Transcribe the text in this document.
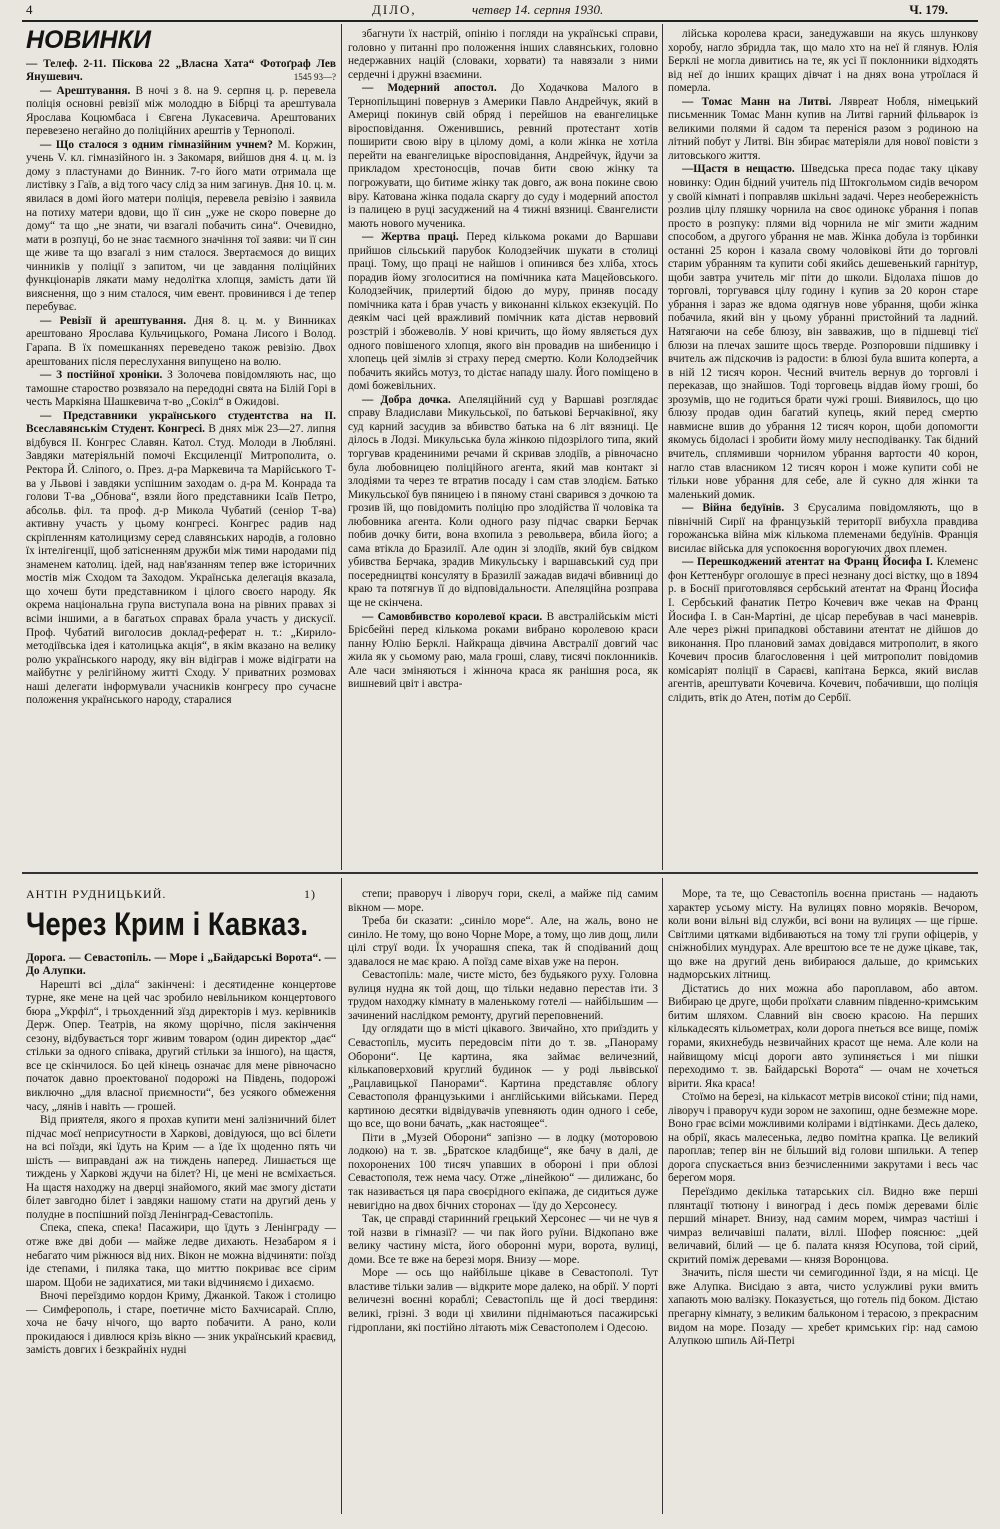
4	ДІЛО,	четвер 14. серпня 1930.	Ч. 179.
НОВИНКИ

— Телеф. 2-11. Піскова 22 „Власна Хата“ Фотоґраф Лев Янушевич.	1545 93—?

— Арештування. В ночі з 8. на 9. серпня ц. р. перевела поліція основні ревізії між молоддю в Бібрці та арештувала Ярослава Коцюмбаса і Євгена Лукасевича. Арештованих перевезено негайно до поліційних арештів у Тернополі.

— Що сталося з одним гімназійним учнем? М. Коржин, учень V. кл. гімназійного ін. з Закомаря, вийшов дня 4. ц. м. із дому з пластунами до Винник. 7-го його мати отримала ще листівку з Гаїв, а від того часу слід за ним загинув. Дня 10. ц. м. явилася в домі його матери поліція, перевела ревізію і заявила на потиху матери вдови, що її син „уже не скоро поверне до дому“ та що „не знати, чи взагалі побачить сина“. Очевидно, мати в розпуці, бо не знає таємного значіння тої заяви: чи її син ще живе та що взагалі з ним сталося. Звертаємося до вищих чинників у поліції з запитом, чи це завдання поліційних функціонарів лякати маму недолітка хлопця, замість дати їй вияснення, що з ним сталося, чим евент. провинився і де тепер перебуває.

— Ревізії й арештування. Дня 8. ц. м. у Винниках арештовано Ярослава Кульчицького, Романа Лисого і Волод. Гарапа. В їх помешканнях переведено також ревізію. Двох арештованих після переслухання випущено на волю.

— З постійної хроніки. З Золочева повідомляють нас, що тамошне староство розвязало на передодні свята на Білій Горі в честь Маркіяна Шашкевича т-во „Сокіл“ в Ожидові.

— Представники українського студентства на II. Всеславянськім Студент. Конгресі. В днях між 23—27. липня відбувся II. Конгрес Славян. Катол. Студ. Молоди в Любляні. Завдяки матеріяльній помочі Ексциленції Митрополита, о. Ректора Й. Сліпого, о. През. д-ра Маркевича та Марійського Т-ва у Львові і завдяки успішним заходам о. д-ра М. Конрада та голови Т-ва „Обнова“, взяли його представники Ісаїв Петро, абсольв. філ. та проф. д-р Микола Чубатий (сеніор Т-ва) активну участь у цьому конгресі. Конгрес радив над скріпленням католицизму серед славянських народів, а головно їх інтелігенції, щоб затісненням дружби між тими народами під знаменем католиц. ідей, над нав'язанням тепер вже історичних мостів між Сходом та Заходом. Українська делегація вказала, що хочеш бути представником і цілого своєго народу. Як окрема національна група виступала вона на рівних правах зі всіми іншими, а в багатьох справах брала участь у дискусії. Проф. Чубатий виголосив доклад-реферат н. т.: „Кирило-методіївська ідея і католицька акція“, в якім вказано на велику ролю українського народу, яку він відіграв і може відіграти на майбутнє у релігійному житті Сходу. У приватних розмовах наші делегати інформували учасників конгресу про сучасне положення українського народу, старалися

збагнути їх настрій, опінію і погляди на українські справи, головно у питанні про положення інших славянських, головно недержавних націй (словаки, хорвати) та навязали з ними сердечні і дружні взаємини.

— Модерний апостол. До Ходачкова Малого в Тернопільщині повернув з Америки Павло Андрейчук, який в Америці покинув свій обряд і перейшов на евангелицьке віросповідання. Оженившись, ревний протестант хотів поширити свою віру в цілому домі, а коли жінка не хотіла перейти на евангелицьке віросповідання, Андрейчук, йдучи за прикладом хрестоносців, почав бити свою жінку та погрожувати, що битиме жінку так довго, аж вона покине свою віру. Катована жінка подала скаргу до суду і модерний апостол із палицею в руці засуджений на 4 тижні вязниці. Євангелисти мають нового мученика.

— Жертва праці. Перед кількома роками до Варшави прийшов сільський парубок Колодзейчик шукати в столиці праці. Тому, що праці не найшов і опинився без хліба, хтось порадив йому зголоситися на помічника ката Мацейовського. Колодзейчик, прилертий бідою до муру, приняв посаду помічника ката і брав участь у виконанні кількох екзекуцій. По деякім часі цей вражливий помічник ката дістав нервовий розстрій і збожеволів. У нові кричить, що йому являється дух одного повішеного хлопця, якого він провадив на шибеницю і хлопець цей зімлів зі страху перед смертю. Коли Колодзейчик побачить якийсь мотуз, то дістає нападу шалу. Його поміщено в домі божевільних.

— Добра дочка. Апеляційний суд у Варшаві розглядає справу Владислави Микульської, по батькові Берчаківної, яку суд карний засудив за вбивство батька на 6 літ вязниці. Це ділось в Лодзі. Микульська була жінкою підозрілого типа, який торгував крадениними речами й скривав злодіїв, а рівночасно була любовницею поліційного агента, який мав контакт зі злодіями та через те втратив посаду і сам став злодієм. Батько Микульської був пяницею і в пяному стані сварився з дочкою та грозив їй, що повідомить поліцію про злодійства її чоловіка та любовника агента. Коли одного разу підчас сварки Берчак побив дочку бити, вона вхопила з револьвера, вбила його; а сама втікла до Бразилії. Але один зі злодіїв, який був свідком убивства Берчака, зрадив Микульську і варшавський суд при посередництві консуляту в Бразилії зажадав видачі вбивниці до краю та потягнув її до відповідальности. Апеляційна розправа ще не скінчена.

— Самовбивство королевої краси. В австралійськім місті Брісбейні перед кількома роками вибрано королевою краси панну Юлію Берклі. Найкраща дівчина Австралії довгий час жила як у сьомому раю, мала гроші, славу, тисячі поклонників. Але часи зміняються і жінноча краса як ранішня роса, як вишневий цвіт і австра-

лійська королева краси, занедужавши на якусь шлункову хоробу, нагло збридла так, що мало хто на неї й глянув. Юлія Берклі не могла дивитись на те, як усі її поклонники відходять від неї до інших кращих дівчат і на днях вона утроїлася й померла.

— Томас Манн на Литві. Лявреат Нобля, німецький письменник Томас Манн купив на Литві гарний фільварок із великими полями й садом та переніся разом з родиною на літний побут у Литві. Він збирає матеріяли для нової повісти з литовського життя.

—Щастя в нещастю. Шведська преса подає таку цікаву новинку: Один бідний учитель під Штокгольмом сидів вечором у своїй кімнаті і поправляв шкільні задачі. Через необережність розлив цілу пляшку чорнила на своє одинокє убрання і попав просто в розпуку: плями від чорнила не міг змити жадним способом, а другого убрання не мав. Жінка добула із торбинки останні 25 корон і казала свому чоловікові йти до торговлі старим убранням та купити собі якийсь дешевенький гарнітур, щоби завтра учитель міг піти до школи. Бідолаха пішов до торговлі, торгувався цілу годину і купив за 20 корон старе убрання і зараз же вдома одягнув нове убрання, щоби жінка побачила, який він у цьому убранні пристойний та ладний. Натягаючи на себе блюзу, він завважив, що в підшевці тієї блюзи на плечах зашите щось тверде. Розпоровши підшивку і вчитель аж підскочив із радости: в блюзі була вшита коперта, а в ній 12 тисяч корон. Чесний вчитель вернув до торговлі і переказав, що знайшов. Тоді торговець віддав йому гроші, бо зрозумів, що не годиться брати чужі гроші. Виявилось, що цю блюзу продав один багатий купець, який перед смертю навмисне вшив до убрання 12 тисяч корон, щоби допомогти якомусь бідоласі і зробити йому милу несподіванку. Так бідний вчитель, сплямивши чорнилом убрання вартости 40 корон, нагло став власником 12 тисяч корон і може купити собі не тільки нове убрання для себе, але й сукно для жінки та маленький домик.

— Війна бедуїнів. З Єрусалима повідомляють, що в північній Сирії на французькій території вибухла правдива горожанська війна між кількома племенами бедуїнів. Франція висилає війська для успокоєння ворогуючих двох племен.

— Перешкоджений атентат на Франц Йосифа I. Клеменс фон Кеттенбург оголошує в пресі незнану досі вістку, що в 1894 р. в Боснії приготовлявся сербський атентат на Франц Йосифа I. Сербський фанатик Петро Кочевич вже чекав на Франц Йосифа I. в Сан-Мартіні, де цісар перебував в часі маневрів. Але через ріжні припадкові обставини атентат не дійшов до виконання. Про плановий замах довідався митрополит, в якого Кочевич просив благословення і цей митрополит повідомив комісаріят поліції в Сараєві, капітана Беркса, який вислав агентів, арештувати Кочевича. Кочевич, побачивши, що поліція слідить, втік до Атен, потім до Сербії.

АНТІН РУДНИЦЬКИЙ.	1)
Через Крим і Кавказ.

Дорога. — Севастопіль. — Море і „Байдарські Ворота“. — До Алупки.

Нарешті всі „діла“ закінчені: і десятиденне концертове турне, яке мене на цей час зробило невільником концертового бюра „Укрфіл“, і трьохденний зїзд директорів і муз. керівників Держ. Опер. Театрів, на якому щорічно, після закінчення сезону, відбувається торг живим товаром (один директор „дає“ стільки за одного співака, другий стільки за іншого), на щастя, все це скінчилося. Бо цей кінець означає для мене рівночасно початок давно проектованої подорожі на Південь, подорожі виключно „для власної приємности“, без усякого обмеження часу, „лянів і навіть — грошей.

Від приятеля, якого я прохав купити мені залізничний білет підчас моєї неприсутности в Харкові, довідуюся, що всі білети на всі поїзди, які їдуть на Крим — а їде їх щоденно пять чи шість — виправдані аж на тиждень наперед. Лишається ще тиждень у Харкові ждучи на білет? Ні, це мені не всміхається. На щастя находжу на дверці знайомого, який має змогу дістати білет завгодно білет і завдяки нашому стати на другий день у полудне в поспішний поїзд Ленінград-Севастопіль.

Спека, спека, спека! Пасажири, що їдуть з Ленінграду — отже вже дві доби — майже ледве дихають. Незабаром я і небагато чим ріжнюся від них. Вікон не можна відчиняти: поїзд іде степами, і пиляка така, що миттю покриває все сірим шаром. Щоби не задихатися, ми таки відчиняємо і дихаємо.

Вночі переїздимо кордон Криму, Джанкой. Також і столицю — Симферополь, і старе, поетичне місто Бахчисарай. Сплю, хоча не бачу нічого, що варто побачити. А рано, коли прокидаюся і дивлюся крізь вікно — зник український краєвид, замість довгих і безкрайніх нудні

степи; праворуч і ліворуч гори, скелі, а майже під самим вікном — море.

Треба би сказати: „синіло море“. Але, на жаль, воно не синіло. Не тому, що воно Чорне Море, а тому, що лив дощ, лили цілі струї води. Їх учорашня спека, так й сподіваний дощ здавалося не має краю. А поїзд саме віхав уже на перон.

Севастопіль: мале, чисте місто, без будьякого руху. Головна вулиця нудна як той дощ, що тільки недавно перестав іти. З трудом находжу кімнату в маленькому готелі — найбільшим — зачинений наслідком ремонту, другий переповнений.

Іду оглядати що в місті цікавого. Звичайно, хто приїздить у Севастопіль, мусить передовсім піти до т. зв. „Панораму Оборони“. Це картина, яка займає величезний, кількаповерховий круглий будинок — у роді львівської „Рацлавицької Панорами“. Картина представляє облогу Севастополя французькими і англійськими військами. Перед картиною десятки відвідувачів упевняють один одного і себе, що все, що вони бачать, „как настоящее“.

Піти в „Музей Оборони“ запізно — в лодку (моторовою лодкою) на т. зв. „Братское кладбище“, яке бачу в далі, де похоронених 100 тисяч упавших в обороні і при облозі Севастополя, теж нема часу. Отже „лінейкою“ — дилижанс, бо так називається ця пара своєрідного екіпажа, де сидиться дуже невигідно на двох бічних сторонах — їду до Херсонесу.

Так, це справді старинний грецький Херсонес — чи не чув я той назви в гімназії? — чи пак його руїни. Відкопано вже велику частину міста, його оборонні мури, ворота, вулиці, доми. Все те вже на березі моря. Внизу — море.

Море — ось що найбільше цікаве в Севастополі. Тут властиве тільки залив — відкрите море далеко, на обрії. У порті величезні воєнні кораблі; Севастопіль ще й досі твердиня: великі, грізні. З води ці хвилини піднімаються пасажирські гідроплани, які постійно літають між Севастополем і Одесою.

Море, та те, що Севастопіль воєнна пристань — надають характер усьому місту. На вулицях повно моряків. Вечором, коли вони вільні від служби, всі вони на вулицях — ще гірше. Світлими цятками відбиваються на тому тлі групи офіцерів, у сніжнобілих мундурах. Але врештою все те не дуже цікаве, так, що вже на другий день вибираюся дальше, до кримських надморських літнищ.

Дістатись до них можна або пароплавом, або автом. Вибираю це друге, щоби проїхати славним південно-кримським битим шляхом. Славний він своєю красою. На перших кількадесять кільометрах, коли дорога пнеться все вище, поміж горами, якихнебудь незвичайних красот ще нема. Але коли на найвищому місці дороги авто зупиняється і ми пішки переходимо т. зв. Байдарські Ворота“ — очам не хочеться вірити. Яка краса!

Стоїмо на березі, на кількасот метрів високої стіни; під нами, ліворуч і праворуч куди зором не захопиш, одне безмежне море. Воно грає всіми можливими колірами і відтінками. Десь далеко, на обрії, якась малесенька, ледво помітна крапка. Це великий пароплав; тепер він не більший від голови шпильки. А тепер дорога спускається вниз безчисленними закрутами і весь час берегом моря.

Переїздимо декілька татарських сіл. Видно вже перші плянтації тютюну і виноград і десь поміж деревами біліє перший мінарет. Внизу, над самим морем, чимраз частіші і чимраз величавіші палати, віллі. Шофер пояснює: „цей величавий, білий — це б. палата князя Юсупова, той сірий, скритий поміж деревами — князя Воронцова.

Значить, після шести чи семигодинної їзди, я на місці. Це вже Алупка. Висідаю з авта, чисто услужливі руки вмить хапають мою валізку. Показується, що готель під боком. Дістаю прегарну кімнату, з великим бальконом і терасою, з прекрасним видом на море. Позаду — хребет кримських гір: над самою Алупкою шпиль Ай-Петрі
